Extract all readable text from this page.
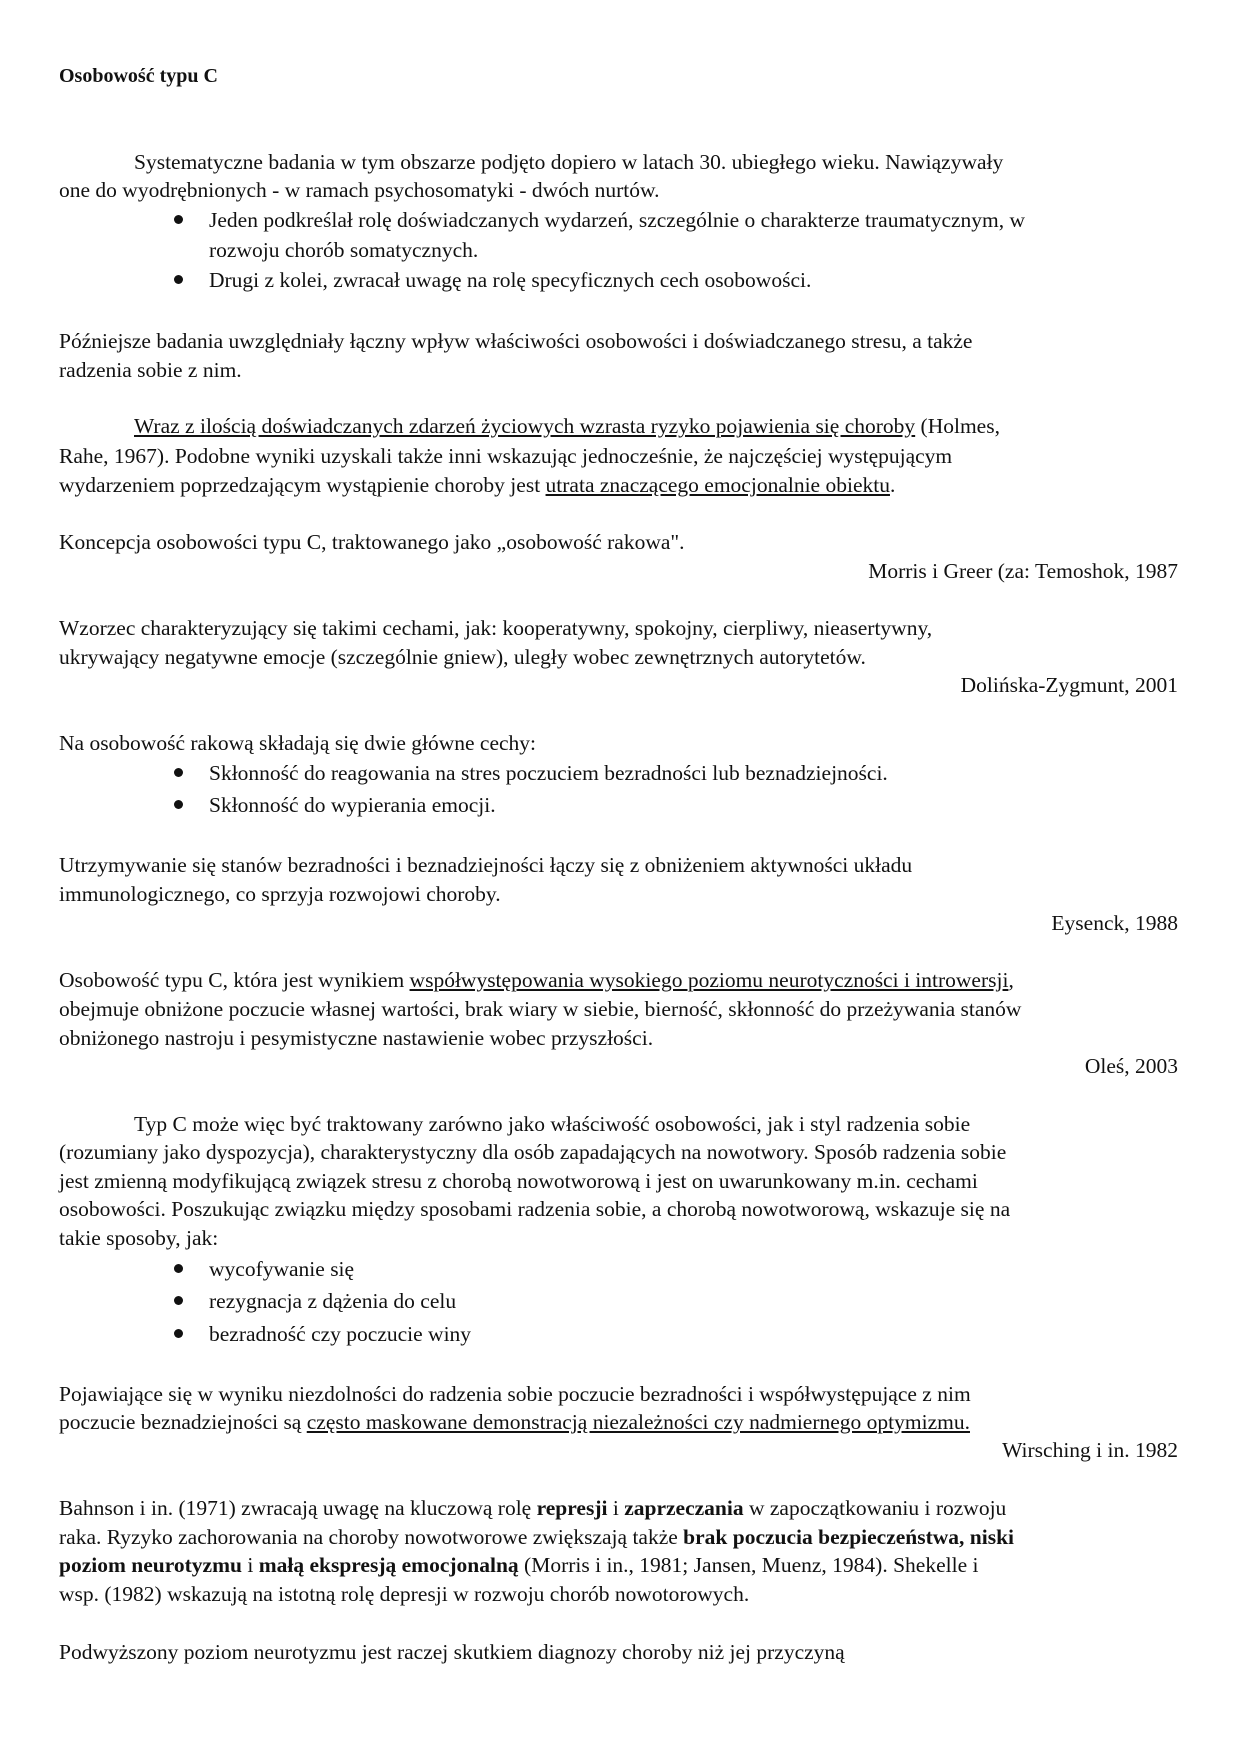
Osobowość typu C
Systematyczne badania w tym obszarze podjęto dopiero w latach 30. ubiegłego wieku. Nawiązywały
one do wyodrębnionych - w ramach psychosomatyki - dwóch nurtów.
Jeden podkreślał rolę doświadczanych wydarzeń, szczególnie o charakterze traumatycznym, w
rozwoju chorób somatycznych.
Drugi z kolei, zwracał uwagę na rolę specyficznych cech osobowości.
Późniejsze badania uwzględniały łączny wpływ właściwości osobowości i doświadczanego stresu, a także
radzenia sobie z nim.
Wraz z ilością doświadczanych zdarzeń życiowych wzrasta ryzyko pojawienia się choroby (Holmes,
Rahe, 1967). Podobne wyniki uzyskali także inni wskazując jednocześnie, że najczęściej występującym
wydarzeniem poprzedzającym wystąpienie choroby jest utrata znaczącego emocjonalnie obiektu.
Koncepcja osobowości typu C, traktowanego jako „osobowość rakowa".
Morris i Greer (za: Temoshok, 1987
Wzorzec charakteryzujący się takimi cechami, jak: kooperatywny, spokojny, cierpliwy, nieasertywny,
ukrywający negatywne emocje (szczególnie gniew), uległy wobec zewnętrznych autorytetów.
Dolińska-Zygmunt, 2001
Na osobowość rakową składają się dwie główne cechy:
Skłonność do reagowania na stres poczuciem bezradności lub beznadziejności.
Skłonność do wypierania emocji.
Utrzymywanie się stanów bezradności i beznadziejności łączy się z obniżeniem aktywności układu
immunologicznego, co sprzyja rozwojowi choroby.
Eysenck, 1988
Osobowość typu C, która jest wynikiem współwystępowania wysokiego poziomu neurotyczności i introwersji,
obejmuje obniżone poczucie własnej wartości, brak wiary w siebie, bierność, skłonność do przeżywania stanów
obniżonego nastroju i pesymistyczne nastawienie wobec przyszłości.
Oleś, 2003
Typ C może więc być traktowany zarówno jako właściwość osobowości, jak i styl radzenia sobie
(rozumiany jako dyspozycja), charakterystyczny dla osób zapadających na nowotwory. Sposób radzenia sobie
jest zmienną modyfikującą związek stresu z chorobą nowotworową i jest on uwarunkowany m.in. cechami
osobowości. Poszukując związku między sposobami radzenia sobie, a chorobą nowotworową, wskazuje się na
takie sposoby, jak:
wycofywanie się
rezygnacja z dążenia do celu
bezradność czy poczucie winy
Pojawiające się w wyniku niezdolności do radzenia sobie poczucie bezradności i współwystępujące z nim
poczucie beznadziejności są często maskowane demonstracją niezależności czy nadmiernego optymizmu.
Wirsching i in. 1982
Bahnson i in. (1971) zwracają uwagę na kluczową rolę represji i zaprzeczania w zapoczątkowaniu i rozwoju
raka. Ryzyko zachorowania na choroby nowotworowe zwiększają także brak poczucia bezpieczeństwa, niski
poziom neurotyzmu i małą ekspresją emocjonalną (Morris i in., 1981; Jansen, Muenz, 1984). Shekelle i
wsp. (1982) wskazują na istotną rolę depresji w rozwoju chorób nowotorowych.
Podwyższony poziom neurotyzmu jest raczej skutkiem diagnozy choroby niż jej przyczyną
